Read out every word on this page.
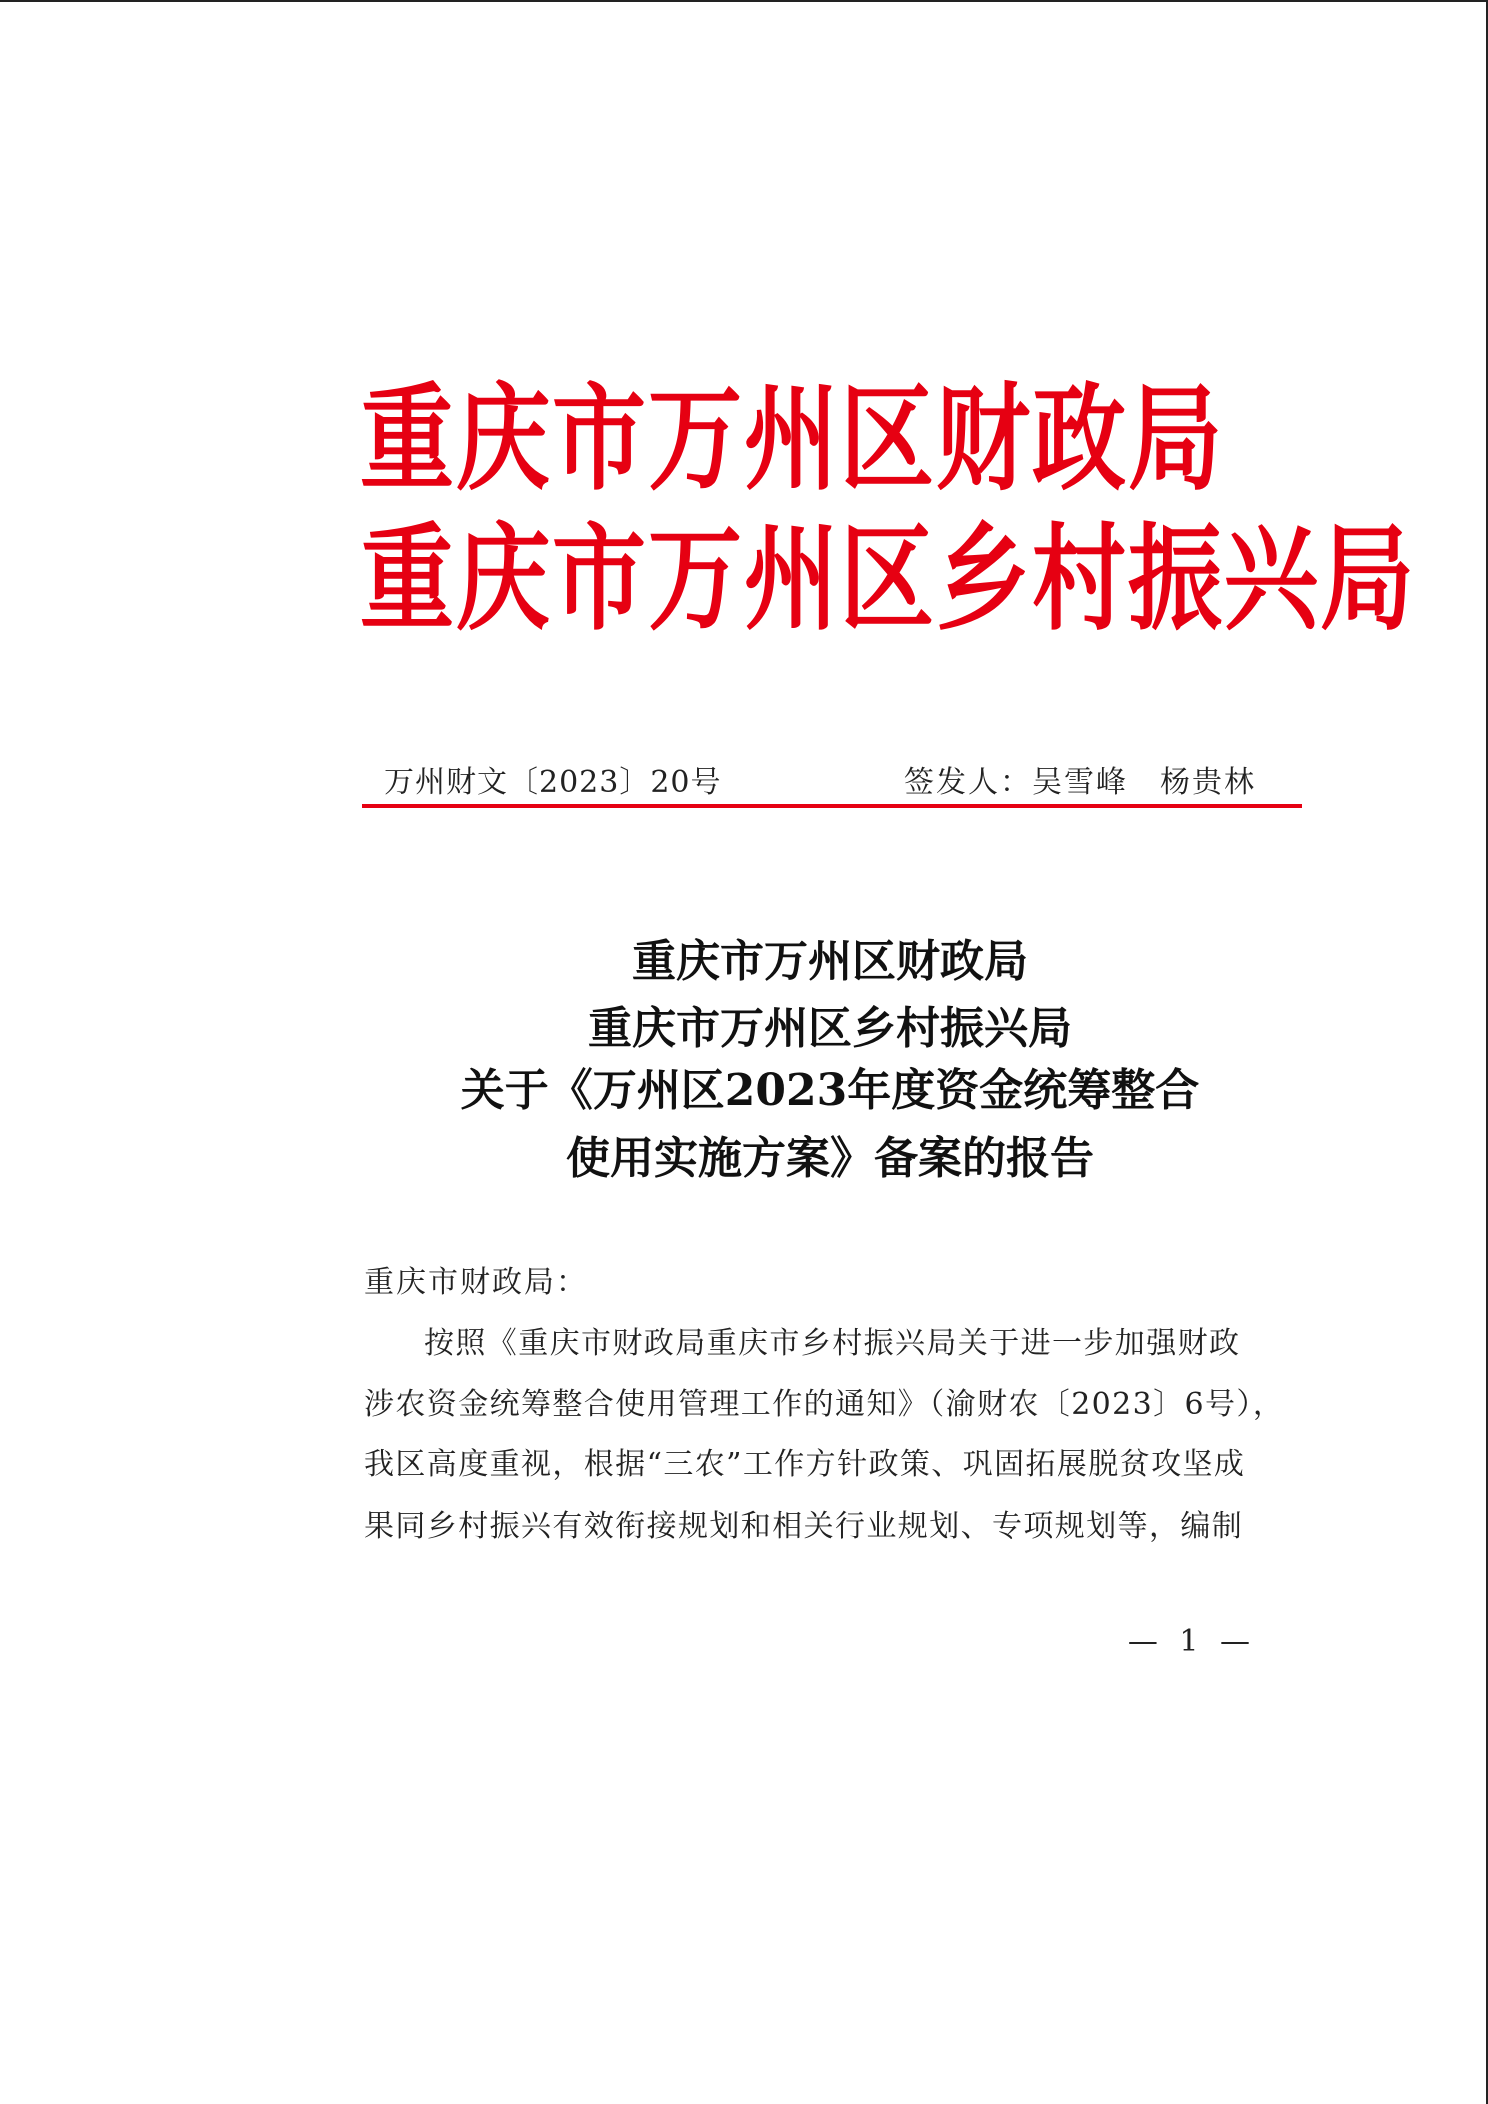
重庆市万州区财政局
重庆市万州区乡村振兴局
万州财文〔2023〕20号	签发人：吴雪峰　杨贵林
重庆市万州区财政局
重庆市万州区乡村振兴局
关于《万州区2023年度资金统筹整合
使用实施方案》备案的报告
重庆市财政局：
按照《重庆市财政局重庆市乡村振兴局关于进一步加强财政
涉农资金统筹整合使用管理工作的通知》（渝财农〔2023〕6号），
我区高度重视，根据“三农”工作方针政策、巩固拓展脱贫攻坚成
果同乡村振兴有效衔接规划和相关行业规划、专项规划等，编制
— 1 —
